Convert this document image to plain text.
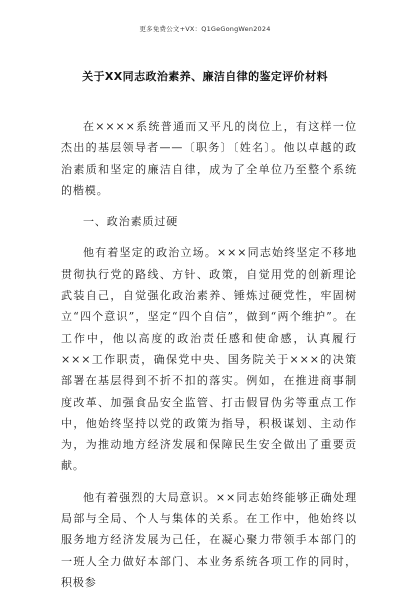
更多免费公文+VX：Q1GeGongWen2024
关于XX同志政治素养、廉洁自律的鉴定评价材料

在××××系统普通而又平凡的岗位上，有这样一位杰出的基层领导者——〔职务〕〔姓名〕。他以卓越的政治素质和坚定的廉洁自律，成为了全单位乃至整个系统的楷模。

一、政治素质过硬

他有着坚定的政治立场。×××同志始终坚定不移地贯彻执行党的路线、方针、政策，自觉用党的创新理论武装自己，自觉强化政治素养、锤炼过硬党性，牢固树立“四个意识”，坚定“四个自信”，做到“两个维护”。在工作中，他以高度的政治责任感和使命感，认真履行×××工作职责，确保党中央、国务院关于×××的决策部署在基层得到不折不扣的落实。例如，在推进商事制度改革、加强食品安全监管、打击假冒伪劣等重点工作中，他始终坚持以党的政策为指导，积极谋划、主动作为，为推动地方经济发展和保障民生安全做出了重要贡献。

他有着强烈的大局意识。××同志始终能够正确处理局部与全局、个人与集体的关系。在工作中，他始终以服务地方经济发展为己任，在凝心聚力带领手本部门的一班人全力做好本部门、本业务系统各项工作的同时，积极参
